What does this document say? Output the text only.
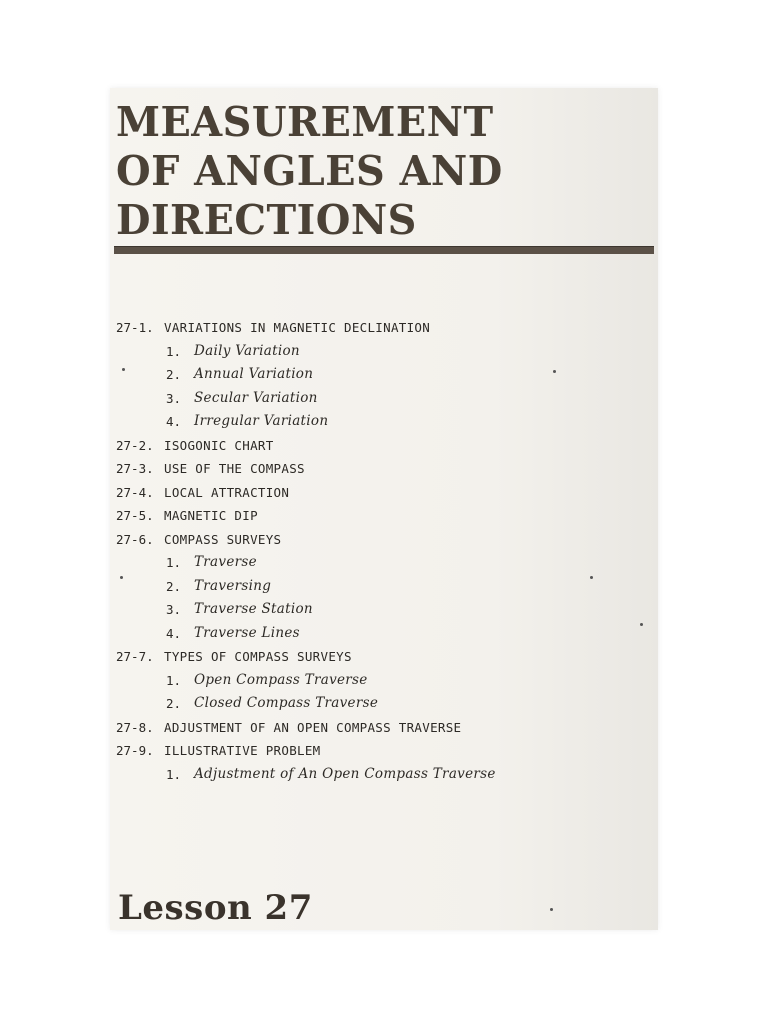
MEASUREMENT
OF ANGLES AND
DIRECTIONS
27-1. VARIATIONS IN MAGNETIC DECLINATION
1. Daily Variation
2. Annual Variation
3. Secular Variation
4. Irregular Variation
27-2. ISOGONIC CHART
27-3. USE OF THE COMPASS
27-4. LOCAL ATTRACTION
27-5. MAGNETIC DIP
27-6. COMPASS SURVEYS
1. Traverse
2. Traversing
3. Traverse Station
4. Traverse Lines
27-7. TYPES OF COMPASS SURVEYS
1. Open Compass Traverse
2. Closed Compass Traverse
27-8. ADJUSTMENT OF AN OPEN COMPASS TRAVERSE
27-9. ILLUSTRATIVE PROBLEM
1. Adjustment of An Open Compass Traverse
Lesson 27
